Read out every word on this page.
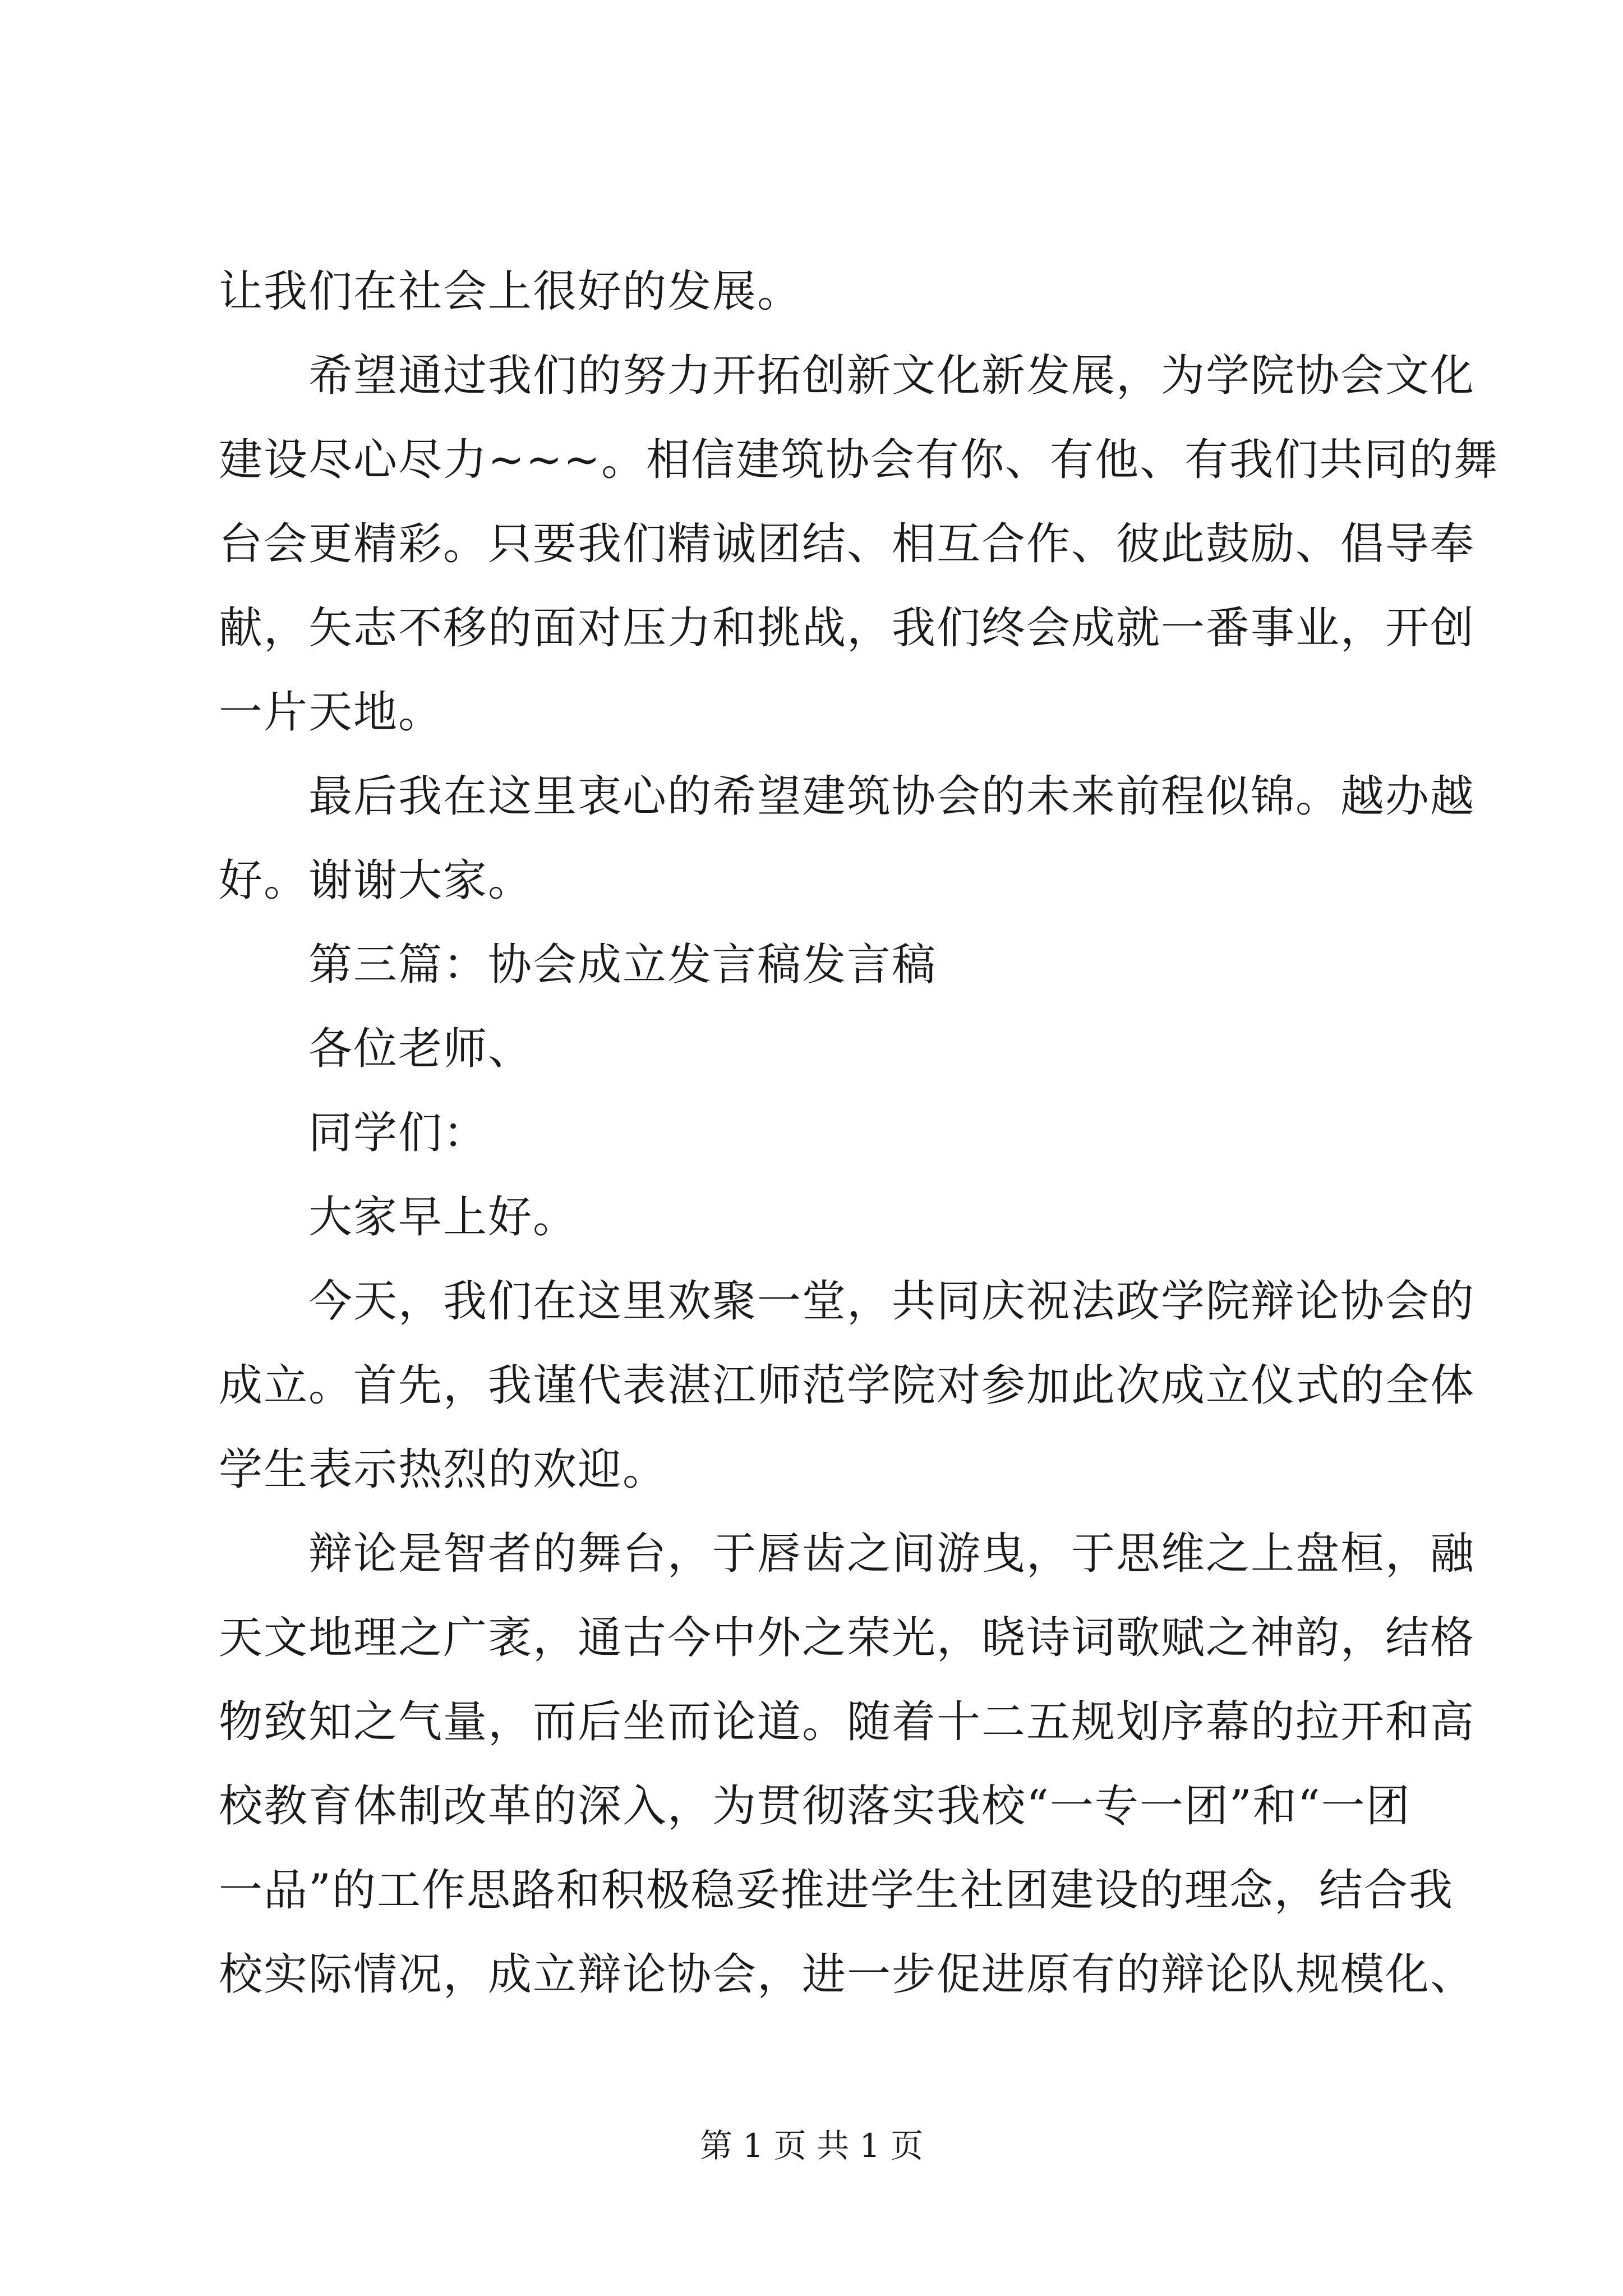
让我们在社会上很好的发展。
　　希望通过我们的努力开拓创新文化新发展，为学院协会文化
建设尽心尽力~~~。相信建筑协会有你、有他、有我们共同的舞
台会更精彩。只要我们精诚团结、相互合作、彼此鼓励、倡导奉
献，矢志不移的面对压力和挑战，我们终会成就一番事业，开创
一片天地。
　　最后我在这里衷心的希望建筑协会的未来前程似锦。越办越
好。谢谢大家。
　　第三篇：协会成立发言稿发言稿
　　各位老师、
　　同学们：
　　大家早上好。
　　今天，我们在这里欢聚一堂，共同庆祝法政学院辩论协会的
成立。首先，我谨代表湛江师范学院对参加此次成立仪式的全体
学生表示热烈的欢迎。
　　辩论是智者的舞台，于唇齿之间游曳，于思维之上盘桓，融
天文地理之广袤，通古今中外之荣光，晓诗词歌赋之神韵，结格
物致知之气量，而后坐而论道。随着十二五规划序幕的拉开和高
校教育体制改革的深入，为贯彻落实我校“一专一团”和“一团
一品”的工作思路和积极稳妥推进学生社团建设的理念，结合我
校实际情况，成立辩论协会，进一步促进原有的辩论队规模化、
第 1 页 共 1 页
